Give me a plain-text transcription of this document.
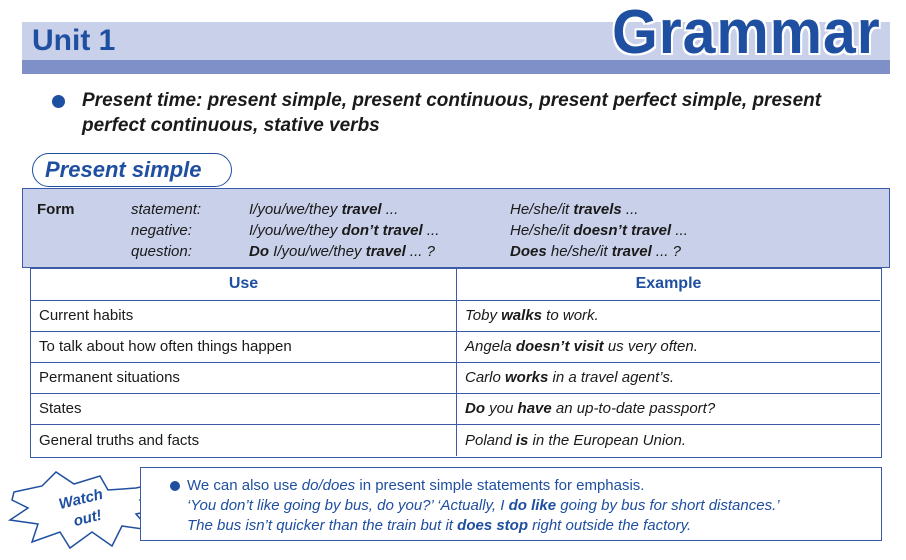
Unit 1	Grammar
Present time: present simple, present continuous, present perfect simple, present perfect continuous, stative verbs
Present simple
Form	statement:	I/you/we/they travel ...	He/she/it travels ...
negative:	I/you/we/they don’t travel ...	He/she/it doesn’t travel ...
question:	Do I/you/we/they travel ... ?	Does he/she/it travel ... ?
Use	Example
Current habits	Toby walks to work.
To talk about how often things happen	Angela doesn’t visit us very often.
Permanent situations	Carlo works in a travel agent’s.
States	Do you have an up-to-date passport?
General truths and facts	Poland is in the European Union.
Watch
out!
We can also use do/does in present simple statements for emphasis.
‘You don’t like going by bus, do you?’ ‘Actually, I do like going by bus for short distances.’
The bus isn’t quicker than the train but it does stop right outside the factory.
